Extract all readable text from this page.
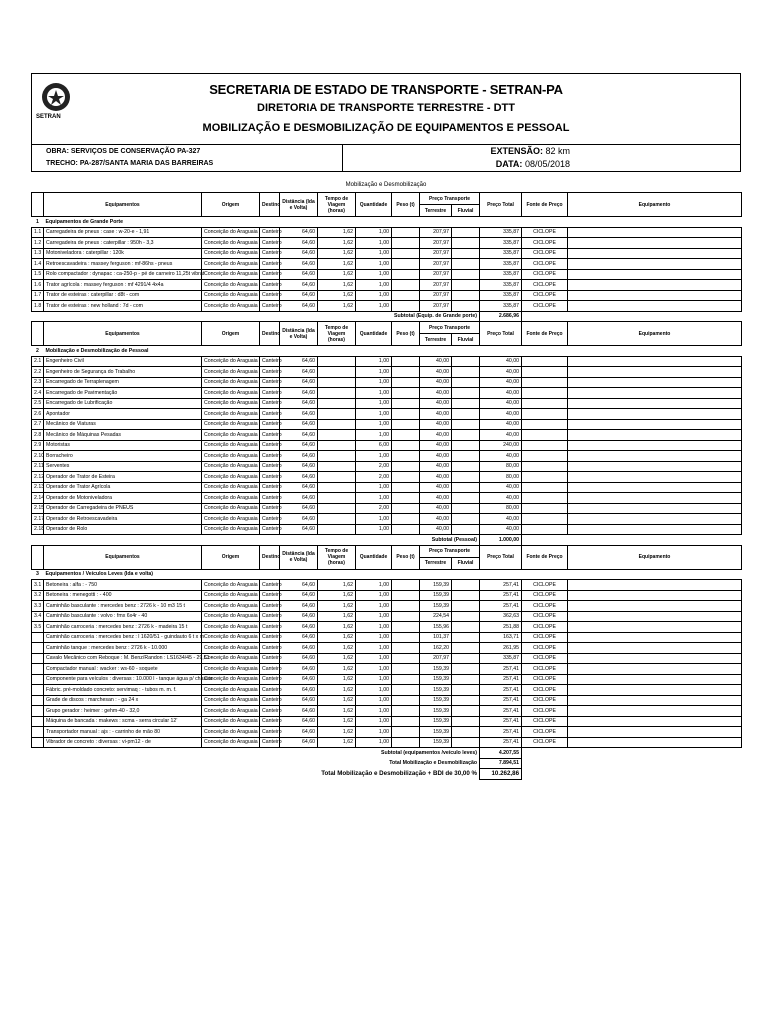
SETRAN
SECRETARIA DE ESTADO DE TRANSPORTE - SETRAN-PA
DIRETORIA DE TRANSPORTE TERRESTRE - DTT
MOBILIZAÇÃO E DESMOBILIZAÇÃO DE EQUIPAMENTOS E PESSOAL
OBRA: SERVIÇOS DE CONSERVAÇÃO PA-327
TRECHO: PA-287/SANTA MARIA DAS BARREIRAS
EXTENSÃO: 82 km
DATA: 08/05/2018
Mobilização e Desmobilização
	Equipamentos	Origem	Destino	Distância (Ida e Volta)	Tempo de Viagem (horas)	Quantidade	Peso (t)	Preço Transporte		Preço Total	Fonte de Preço	Equipamento
								Terrestre	Fluvial			
1	Equipamentos de Grande Porte											
1.1	Carregadeira de pneus : case : w-20-e - 1,91	Conceição do Araguaia	Canteiro	64,60	1,62	1,00		207,97		335,87	CICLOPE	
1.2	Carregadeira de pneus : caterpillar : 950h - 3,3	Conceição do Araguaia	Canteiro	64,60	1,62	1,00		207,97		335,87	CICLOPE	
1.3	Motoniveladora : caterpillar : 120k	Conceição do Araguaia	Canteiro	64,60	1,62	1,00		207,97		335,87	CICLOPE	
1.4	Retroescavadeira : massey ferguson : mf-86hs - pneus	Conceição do Araguaia	Canteiro	64,60	1,62	1,00		207,97		335,87	CICLOPE	
1.5	Rolo compactador : dynapac : ca-250-p - pé de carneiro 11,25t vibrat	Conceição do Araguaia	Canteiro	64,60	1,62	1,00		207,97		335,87	CICLOPE	
1.6	Trator agrícola : massey ferguson : mf 4291/4 4x4a	Conceição do Araguaia	Canteiro	64,60	1,62	1,00		207,97		335,87	CICLOPE	
1.7	Trator de esteiras : caterpillar : d8t - com	Conceição do Araguaia	Canteiro	64,60	1,62	1,00		207,97		335,87	CICLOPE	
1.8	Trator de esteiras : new holland : 7d - com	Conceição do Araguaia	Canteiro	64,60	1,62	1,00		207,97		335,87	CICLOPE	
Subtotal (Equip. de Grande porte)										2.686,96		
	Equipamentos	Origem	Destino	Distância (Ida e Volta)	Tempo de Viagem (horas)	Quantidade	Peso (t)	Preço Transporte		Preço Total	Fonte de Preço	Equipamento
								Terrestre	Fluvial			
2	Mobilização e Desmobilização de Pessoal											
2.1	Engenheiro Civil	Conceição do Araguaia	Canteiro	64,60		1,00		40,00		40,00		
2.2	Engenheiro de Segurança do Trabalho	Conceição do Araguaia	Canteiro	64,60		1,00		40,00		40,00		
2.3	Encarregado de Terraplenagem	Conceição do Araguaia	Canteiro	64,60		1,00		40,00		40,00		
2.4	Encarregado de Pavimentação	Conceição do Araguaia	Canteiro	64,60		1,00		40,00		40,00		
2.5	Encarregado de Lubrificação	Conceição do Araguaia	Canteiro	64,60		1,00		40,00		40,00		
2.6	Apontador	Conceição do Araguaia	Canteiro	64,60		1,00		40,00		40,00		
2.7	Mecânico de Viaturas	Conceição do Araguaia	Canteiro	64,60		1,00		40,00		40,00		
2.8	Mecânico de Máquinas Pesadas	Conceição do Araguaia	Canteiro	64,60		1,00		40,00		40,00		
2.9	Motoristas	Conceição do Araguaia	Canteiro	64,60		6,00		40,00		240,00		
2.10	Borracheiro	Conceição do Araguaia	Canteiro	64,60		1,00		40,00		40,00		
2.11	Serventes	Conceição do Araguaia	Canteiro	64,60		2,00		40,00		80,00		
2.12	Operador de Trator de Esteira	Conceição do Araguaia	Canteiro	64,60		2,00		40,00		80,00		
2.13	Operador de Trator Agrícola	Conceição do Araguaia	Canteiro	64,60		1,00		40,00		40,00		
2.14	Operador de Motoniveladora	Conceição do Araguaia	Canteiro	64,60		1,00		40,00		40,00		
2.15	Operador de Carregadeira de PNEUS	Conceição do Araguaia	Canteiro	64,60		2,00		40,00		80,00		
2.17	Operador de Retroescavadeira	Conceição do Araguaia	Canteiro	64,60		1,00		40,00		40,00		
2.18	Operador de Rolo	Conceição do Araguaia	Canteiro	64,60		1,00		40,00		40,00		
Subtotal (Pessoal)										1.000,00		
	Equipamentos	Origem	Destino	Distância (Ida e Volta)	Tempo de Viagem (horas)	Quantidade	Peso (t)	Preço Transporte		Preço Total	Fonte de Preço	Equipamento
								Terrestre	Fluvial			
3	Equipamentos / Veículos Leves (Ida e volta)											
3.1	Betoneira : alfa : - 750	Conceição do Araguaia	Canteiro	64,60	1,62	1,00		159,39		257,41	CICLOPE	
3.2	Betoneira : menegotti : - 400	Conceição do Araguaia	Canteiro	64,60	1,62	1,00		159,39		257,41	CICLOPE	
3.3	Caminhão basculante : mercedes benz : 2726 k - 10 m3 15 t	Conceição do Araguaia	Canteiro	64,60	1,62	1,00		159,39		257,41	CICLOPE	
3.4	Caminhão basculante : volvo : fmx 6x4r - 40	Conceição do Araguaia	Canteiro	64,60	1,62	1,00		224,54		362,63	CICLOPE	
3.5	Caminhão carroceria : mercedes benz : 2726 k - madeira 15 t	Conceição do Araguaia	Canteiro	64,60	1,62	1,00		155,96		251,88	CICLOPE	
	Caminhão carroceria : mercedes benz : l 1620/51 - guindauto 6 t x m	Conceição do Araguaia	Canteiro	64,60	1,62	1,00		101,37		163,71	CICLOPE	
	Caminhão tanque : mercedes benz : 2726 k - 10.000	Conceição do Araguaia	Canteiro	64,60	1,62	1,00		162,20		261,95	CICLOPE	
	Cavalo Mecânico com Reboque : M. Benz/Randon : LS1634/45 - 29,51 -	Conceição do Araguaia	Canteiro	64,60	1,62	1,00		207,97		335,87	CICLOPE	
	Compactador manual : wacker : ws-60 - soquete	Conceição do Araguaia	Canteiro	64,60	1,62	1,00		159,39		257,41	CICLOPE	
	Componente para veículos : diversas : 10.000 l - tanque água p/ chassis	Conceição do Araguaia	Canteiro	64,60	1,62	1,00		159,39		257,41	CICLOPE	
	Fábric. pré-moldado concreto: servimaq : - tubos m. m. f.	Conceição do Araguaia	Canteiro	64,60	1,62	1,00		159,39		257,41	CICLOPE	
	Grade de discos : marchesan : - ga 24 x	Conceição do Araguaia	Canteiro	64,60	1,62	1,00		159,39		257,41	CICLOPE	
	Grupo gerador : heimer : gehm-40 - 32,0	Conceição do Araguaia	Canteiro	64,60	1,62	1,00		159,39		257,41	CICLOPE	
	Máquina de bancada : makews : scma - serra circular 12'	Conceição do Araguaia	Canteiro	64,60	1,62	1,00		159,39		257,41	CICLOPE	
	Transportador manual : ajs : - carrinho de mão 80	Conceição do Araguaia	Canteiro	64,60	1,62	1,00		159,39		257,41	CICLOPE	
	Vibrador de concreto : diversas : vi-pm12 - de	Conceição do Araguaia	Canteiro	64,60	1,62	1,00		159,39		257,41	CICLOPE	
Subtotal (equipamentos /veículo leves)										4.207,55		
Total Mobilização e Desmobilização										7.894,51		
Total Mobilização e Desmobilização + BDI de 30,00 %										10.262,86		
